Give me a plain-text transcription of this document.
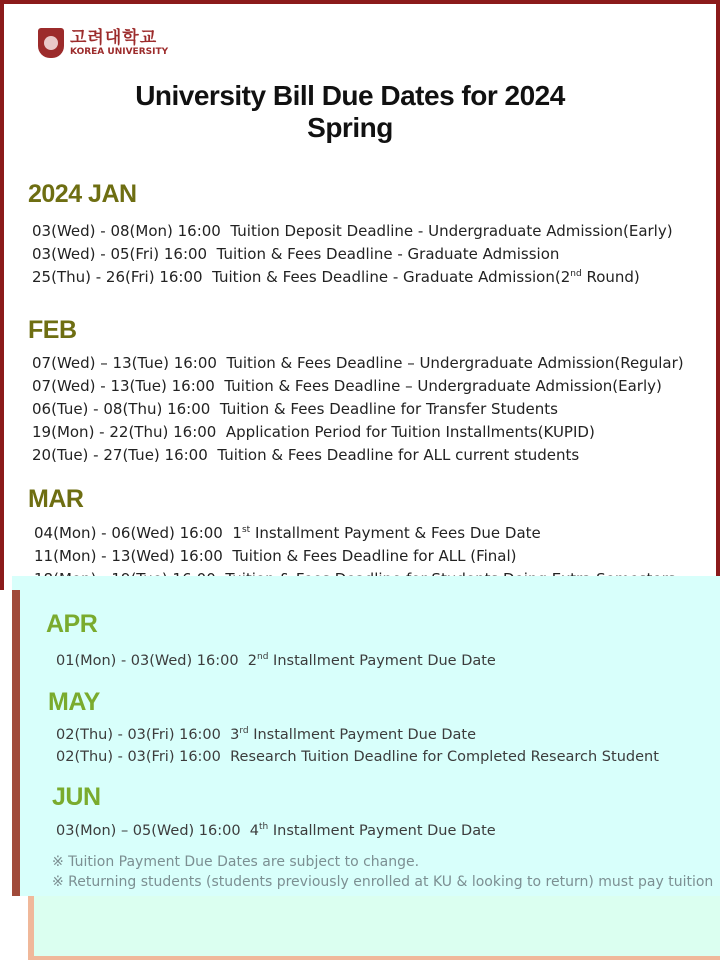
고려대학교
KOREA UNIVERSITY
University Bill Due Dates for 2024
Spring
2024 JAN
03(Wed) - 08(Mon) 16:00 Tuition Deposit Deadline - Undergraduate Admission(Early)
03(Wed) - 05(Fri) 16:00 Tuition & Fees Deadline - Graduate Admission
25(Thu) - 26(Fri) 16:00 Tuition & Fees Deadline - Graduate Admission(2nd Round)
FEB
07(Wed) – 13(Tue) 16:00 Tuition & Fees Deadline – Undergraduate Admission(Regular)
07(Wed) - 13(Tue) 16:00 Tuition & Fees Deadline – Undergraduate Admission(Early)
06(Tue) - 08(Thu) 16:00 Tuition & Fees Deadline for Transfer Students
19(Mon) - 22(Thu) 16:00 Application Period for Tuition Installments(KUPID)
20(Tue) - 27(Tue) 16:00 Tuition & Fees Deadline for ALL current students
MAR
04(Mon) - 06(Wed) 16:00 1st Installment Payment & Fees Due Date
11(Mon) - 13(Wed) 16:00 Tuition & Fees Deadline for ALL (Final)

APR
01(Mon) - 03(Wed) 16:00 2nd Installment Payment Due Date
MAY
02(Thu) - 03(Fri) 16:00 3rd Installment Payment Due Date
02(Thu) - 03(Fri) 16:00 Research Tuition Deadline for Completed Research Student
JUN
03(Mon) – 05(Wed) 16:00 4th Installment Payment Due Date
※ Tuition Payment Due Dates are subject to change.
※ Returning students (students previously enrolled at KU & looking to return) must pay tuition
